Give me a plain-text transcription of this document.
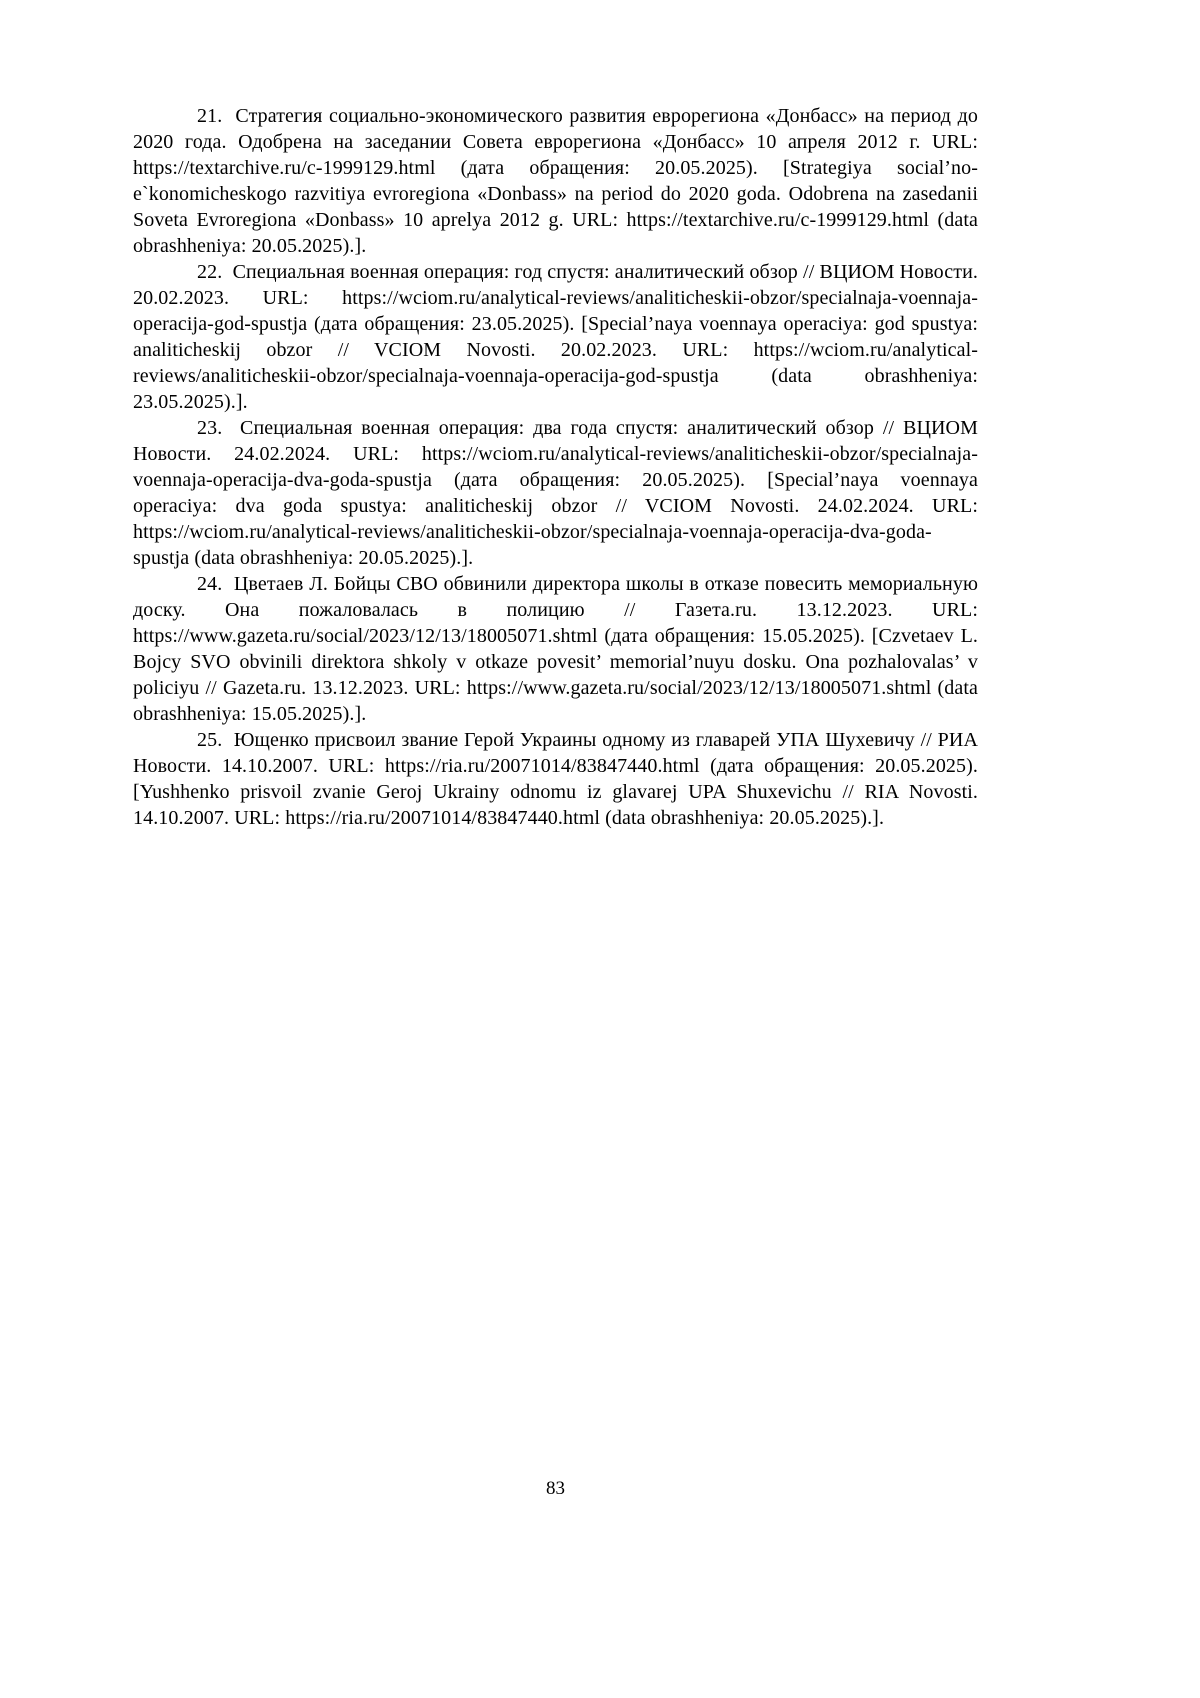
21.  Стратегия социально-экономического развития еврорегиона «Донбасс» на период до 2020 года. Одобрена на заседании Совета еврорегиона «Донбасс» 10 апреля 2012 г. URL: https://textarchive.ru/c-1999129.html (дата обращения: 20.05.2025). [Strategiya social’no-e`konomicheskogo razvitiya evroregiona «Donbass» na period do 2020 goda. Odobrena na zasedanii Soveta Evroregiona «Donbass» 10 aprelya 2012 g. URL: https://textarchive.ru/c-1999129.html (data obrashheniya: 20.05.2025).].

22.  Специальная военная операция: год спустя: аналитический обзор // ВЦИОМ Новости. 20.02.2023. URL: https://wciom.ru/analytical-reviews/analiticheskii-obzor/specialnaja-voennaja-operacija-god-spustja (дата обращения: 23.05.2025). [Special’naya voennaya operaciya: god spustya: analiticheskij obzor // VCIOM Novosti. 20.02.2023. URL: https://wciom.ru/analytical-reviews/analiticheskii-obzor/specialnaja-voennaja-operacija-god-spustja (data obrashheniya: 23.05.2025).].

23.  Специальная военная операция: два года спустя: аналитический обзор // ВЦИОМ Новости. 24.02.2024. URL: https://wciom.ru/analytical-reviews/analiticheskii-obzor/specialnaja-voennaja-operacija-dva-goda-spustja (дата обращения: 20.05.2025). [Special’naya voennaya operaciya: dva goda spustya: analiticheskij obzor // VCIOM Novosti. 24.02.2024. URL: https://wciom.ru/analytical-reviews/analiticheskii-obzor/specialnaja-voennaja-operacija-dva-goda-spustja (data obrashheniya: 20.05.2025).].

24.  Цветаев Л. Бойцы СВО обвинили директора школы в отказе повесить мемориальную доску. Она пожаловалась в полицию // Газета.ru. 13.12.2023. URL: https://www.gazeta.ru/social/2023/12/13/18005071.shtml (дата обращения: 15.05.2025). [Czvetaev L. Bojcy SVO obvinili direktora shkoly v otkaze povesit’ memorial’nuyu dosku. Ona pozhalovalas’ v policiyu // Gazeta.ru. 13.12.2023. URL: https://www.gazeta.ru/social/2023/12/13/18005071.shtml (data obrashheniya: 15.05.2025).].

25.  Ющенко присвоил звание Герой Украины одному из главарей УПА Шухевичу // РИА Новости. 14.10.2007. URL: https://ria.ru/20071014/83847440.html (дата обращения: 20.05.2025). [Yushhenko prisvoil zvanie Geroj Ukrainy odnomu iz glavarej UPA Shuxevichu // RIA Novosti. 14.10.2007. URL: https://ria.ru/20071014/83847440.html (data obrashheniya: 20.05.2025).].

83
